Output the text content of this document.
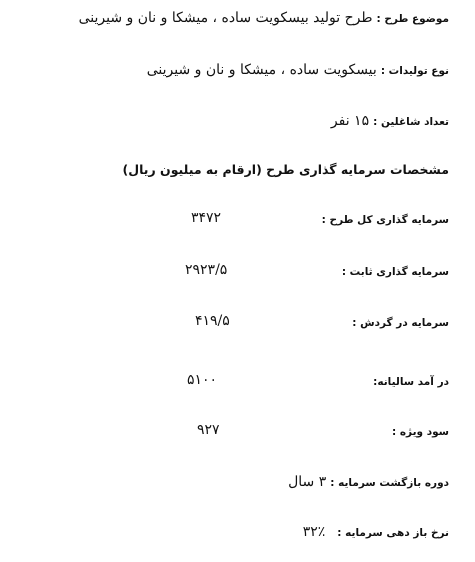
موضوع طرح :
طرح تولید بیسکویت ساده ، میشکا و نان و شیرینی
نوع تولیدات :
بیسکویت ساده ، میشکا و نان و شیرینی
تعداد شاغلین :
۱۵ نفر
مشخصات سرمایه گذاری طرح (ارقام به میلیون ریال)
سرمایه گذاری کل طرح :
۳۴۷۲
سرمایه گذاری ثابت :
۲۹۲۳/۵
سرمایه در گردش :
۴۱۹/۵
در آمد سالیانه:
۵۱۰۰
سود ویژه :
۹۲۷
دوره بازگشت سرمایه :
۳ سال
نرخ باز دهی سرمایه :
۳۲٪
